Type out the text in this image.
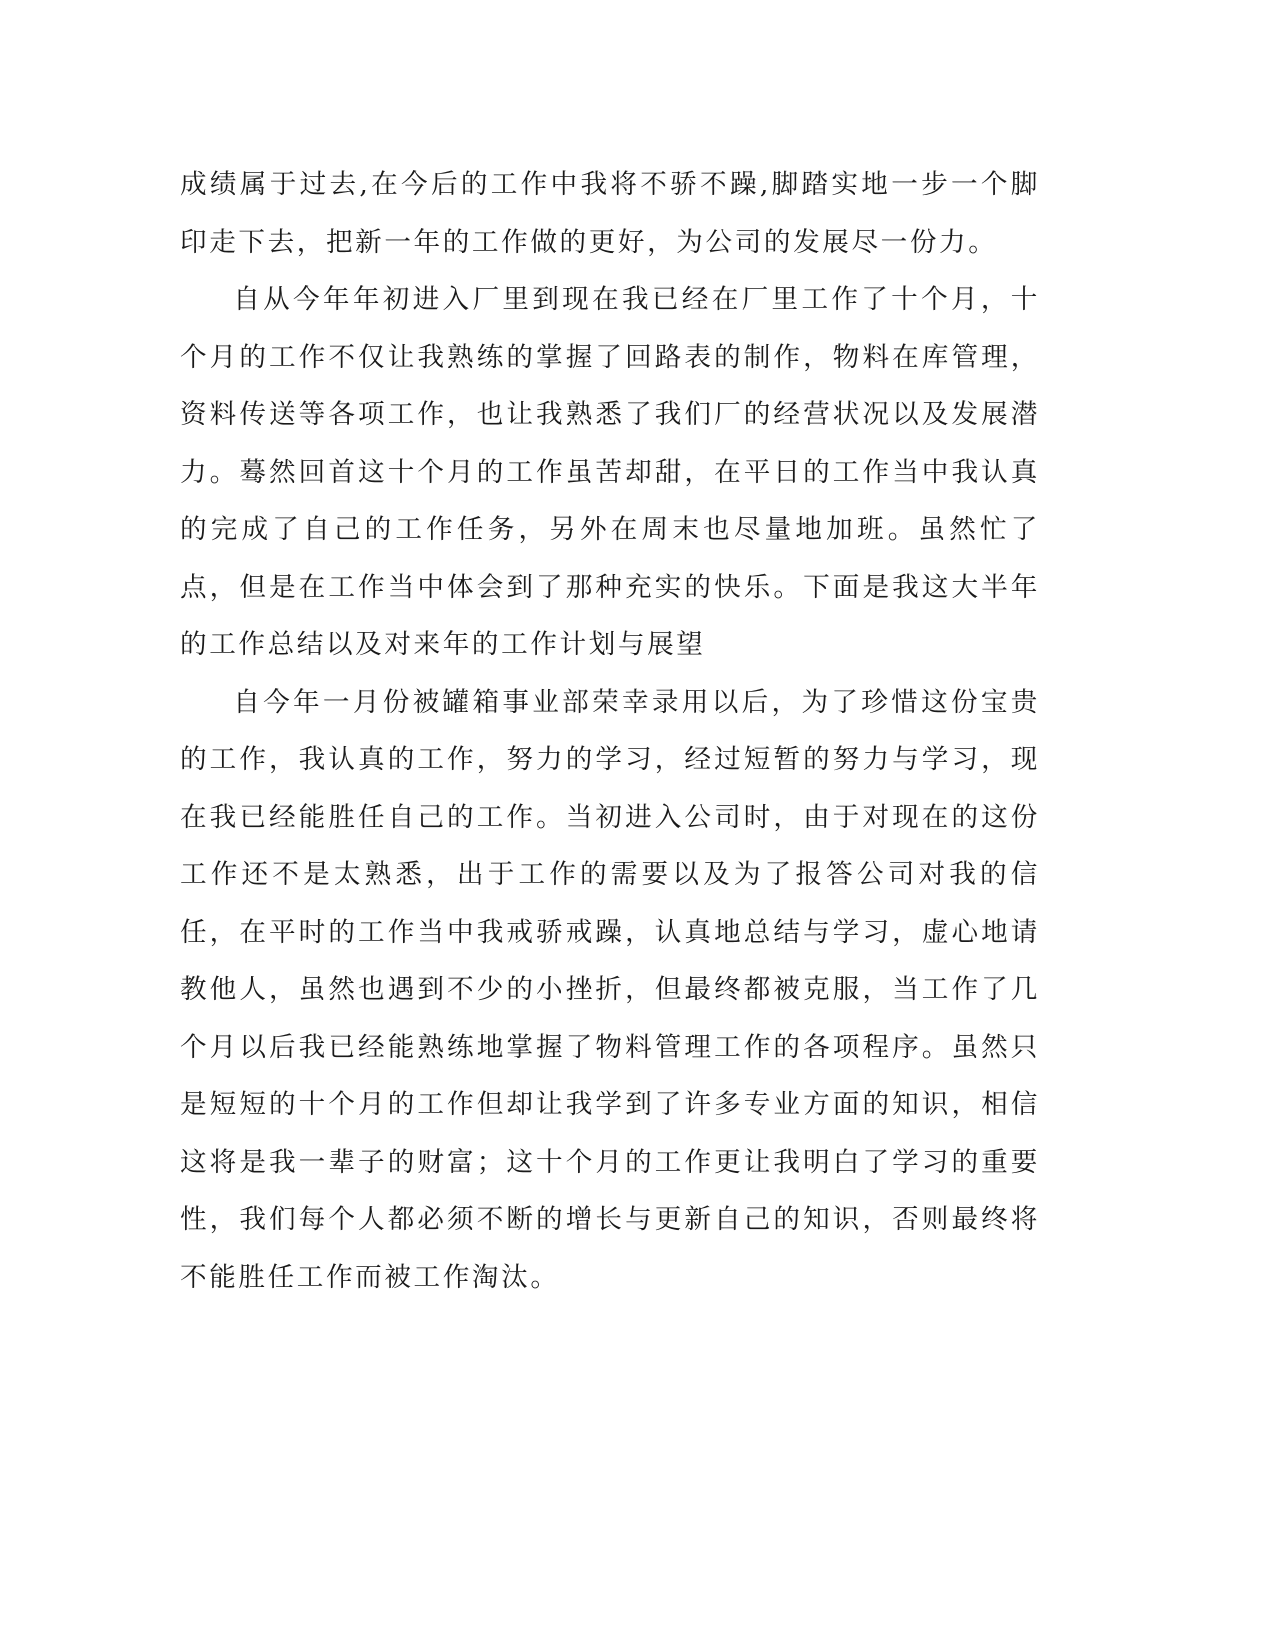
成绩属于过去,在今后的工作中我将不骄不躁,脚踏实地一步一个脚印走下去，把新一年的工作做的更好，为公司的发展尽一份力。

自从今年年初进入厂里到现在我已经在厂里工作了十个月，十个月的工作不仅让我熟练的掌握了回路表的制作，物料在库管理，资料传送等各项工作，也让我熟悉了我们厂的经营状况以及发展潜力。蓦然回首这十个月的工作虽苦却甜，在平日的工作当中我认真的完成了自己的工作任务，另外在周末也尽量地加班。虽然忙了点，但是在工作当中体会到了那种充实的快乐。下面是我这大半年的工作总结以及对来年的工作计划与展望

自今年一月份被罐箱事业部荣幸录用以后，为了珍惜这份宝贵的工作，我认真的工作，努力的学习，经过短暂的努力与学习，现在我已经能胜任自己的工作。当初进入公司时，由于对现在的这份工作还不是太熟悉，出于工作的需要以及为了报答公司对我的信任，在平时的工作当中我戒骄戒躁，认真地总结与学习，虚心地请教他人，虽然也遇到不少的小挫折，但最终都被克服，当工作了几个月以后我已经能熟练地掌握了物料管理工作的各项程序。虽然只是短短的十个月的工作但却让我学到了许多专业方面的知识，相信这将是我一辈子的财富；这十个月的工作更让我明白了学习的重要性，我们每个人都必须不断的增长与更新自己的知识，否则最终将不能胜任工作而被工作淘汰。
